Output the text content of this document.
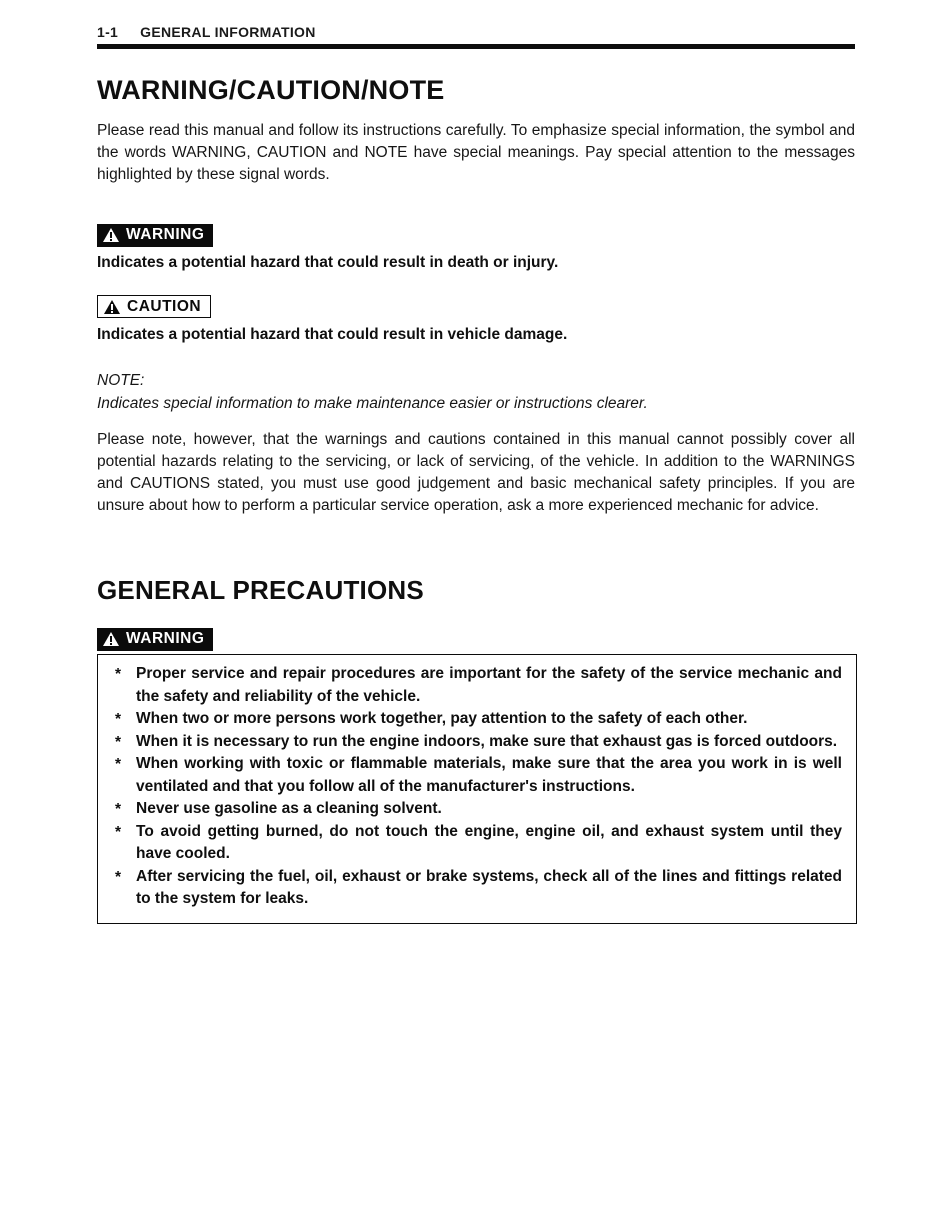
1-1 GENERAL INFORMATION
WARNING/CAUTION/NOTE

Please read this manual and follow its instructions carefully. To emphasize special information, the symbol and the words WARNING, CAUTION and NOTE have special meanings. Pay special attention to the messages highlighted by these signal words.

WARNING
Indicates a potential hazard that could result in death or injury.
CAUTION
Indicates a potential hazard that could result in vehicle damage.
NOTE:
Indicates special information to make maintenance easier or instructions clearer.

Please note, however, that the warnings and cautions contained in this manual cannot possibly cover all potential hazards relating to the servicing, or lack of servicing, of the vehicle. In addition to the WARNINGS and CAUTIONS stated, you must use good judgement and basic mechanical safety principles. If you are unsure about how to perform a particular service operation, ask a more experienced mechanic for advice.

GENERAL PRECAUTIONS
WARNING
* Proper service and repair procedures are important for the safety of the service mechanic and the safety and reliability of the vehicle.
* When two or more persons work together, pay attention to the safety of each other.
* When it is necessary to run the engine indoors, make sure that exhaust gas is forced outdoors.
* When working with toxic or flammable materials, make sure that the area you work in is well ventilated and that you follow all of the manufacturer's instructions.
* Never use gasoline as a cleaning solvent.
* To avoid getting burned, do not touch the engine, engine oil, and exhaust system until they have cooled.
* After servicing the fuel, oil, exhaust or brake systems, check all of the lines and fittings related to the system for leaks.
